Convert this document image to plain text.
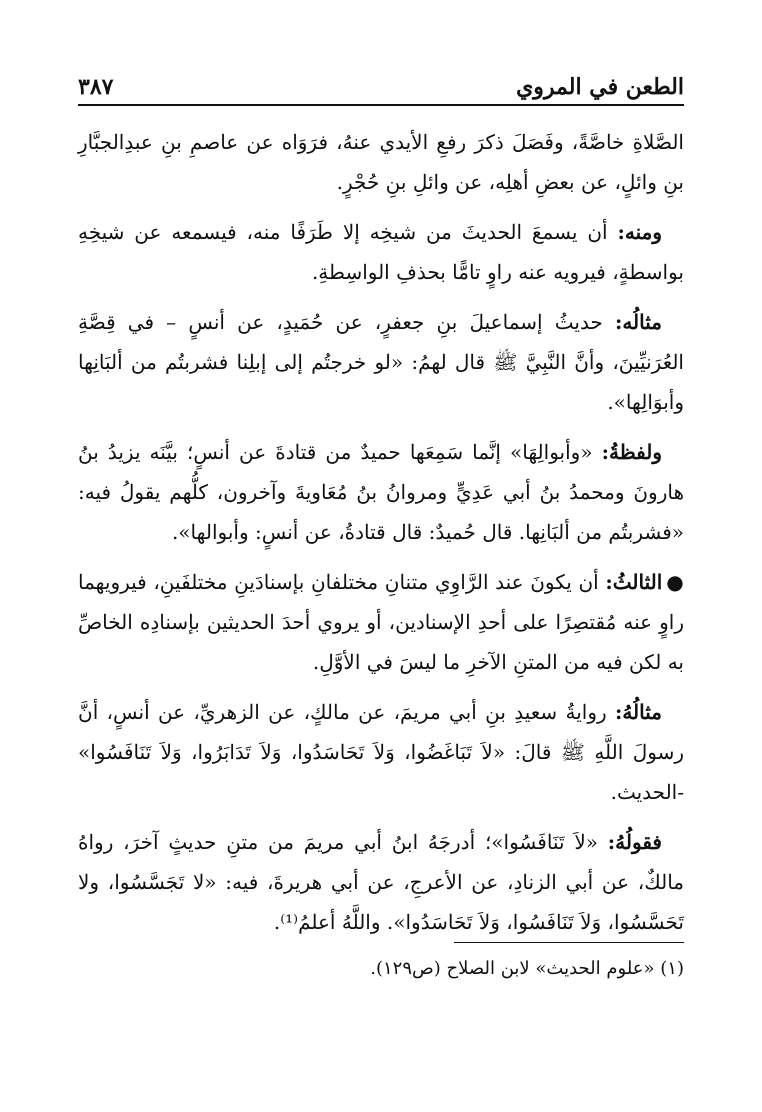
الطعن في المروي
٣٨٧

الصَّلاةِ خاصَّةً، وفَصَلَ ذكرَ رفعِ الأيدي عنهُ، فرَوَاه عن عاصمِ بنِ عبدِالجبَّارِ بنِ وائلٍ، عن بعضِ أهلِه، عن وائلِ بنِ حُجْرٍ.

ومنه: أن يسمعَ الحديثَ من شيخِه إلا طَرَفًا منه، فيسمعه عن شيخِهِ بواسطةٍ، فيرويه عنه راوٍ تامًّا بحذفِ الواسِطةِ.

مثالُه: حديثُ إسماعيلَ بنِ جعفرٍ، عن حُمَيدٍ، عن أنسٍ – في قِصَّةِ العُرَنيِّينَ، وأنَّ النَّبِيَّ ﷺ قال لهمُ: «لو خرجتُم إلى إبلِنا فشربتُم من ألبَانِها وأبوَالِها».

ولفظةُ: «وأبوالِهَا» إنَّما سَمِعَها حميدٌ من قتادةَ عن أنسٍ؛ بيَّنَه يزيدُ بنُ هارونَ ومحمدُ بنُ أبي عَدِيٍّ ومروانُ بنُ مُعَاويةَ وآخرون، كلُّهم يقولُ فيه: «فشربتُم من ألبَانِها. قال حُميدٌ: قال قتادةُ، عن أنسٍ: وأبوالها».

●الثالثُ: أن يكونَ عند الرَّاوِي متنانِ مختلفانِ بإسنادَينِ مختلفَينِ، فيرويهما راوٍ عنه مُقتصِرًا على أحدِ الإسنادين، أو يروي أحدَ الحديثين بإسنادِه الخاصِّ به لكن فيه من المتنِ الآخرِ ما ليسَ في الأوَّلِ.

مثالُهُ: روايةُ سعيدِ بنِ أبي مريمَ، عن مالكٍ، عن الزهريِّ، عن أنسٍ، أنَّ رسولَ اللَّهِ ﷺ قالَ: «لاَ تَبَاغَضُوا، وَلاَ تَحَاسَدُوا، وَلاَ تَدَابَرُوا، وَلاَ تَنَافَسُوا» -الحديث.

فقولُهُ: «لاَ تَنَافَسُوا»؛ أدرجَهُ ابنُ أبي مريمَ من متنِ حديثٍ آخرَ، رواهُ مالكٌ، عن أبي الزنادِ، عن الأعرجِ، عن أبي هريرةَ، فيه: «لا تَجَسَّسُوا، ولا تَحَسَّسُوا، وَلاَ تَنَافَسُوا، وَلاَ تَحَاسَدُوا». واللَّهُ أعلمُ⁽¹⁾.

(١) «علوم الحديث» لابن الصلاح (ص١٢٩).
